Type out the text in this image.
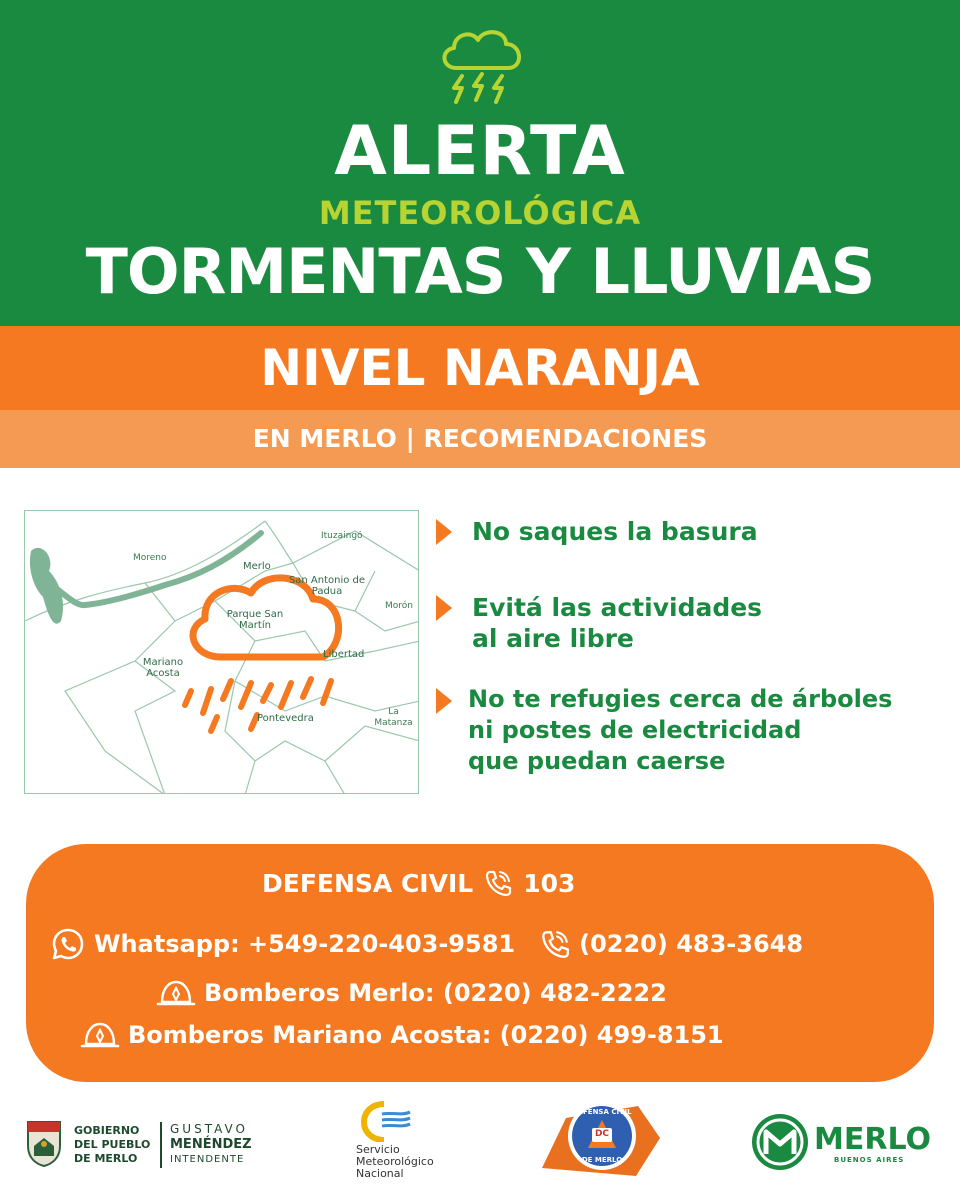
ALERTA
METEOROLÓGICA
TORMENTAS Y LLUVIAS
NIVEL NARANJA
EN MERLO | RECOMENDACIONES
Moreno
Merlo
Ituzaingó
San Antonio de Padua
Morón
Parque San Martín
Mariano Acosta
Libertad
Pontevedra
La Matanza
No saques la basura
Evitá las actividades
al aire libre
No te refugies cerca de árboles
ni postes de electricidad
que puedan caerse
DEFENSA CIVIL 103
Whatsapp: +549-220-403-9581	(0220) 483-3648
Bomberos Merlo: (0220) 482-2222
Bomberos Mariano Acosta: (0220) 499-8151
GOBIERNO
DEL PUEBLO
DE MERLO
GUSTAVO
MENÉNDEZ
INTENDENTE
Servicio
Meteorológico
Nacional
DEFENSA CIVIL
DC
DE MERLO
MERLO
BUENOS AIRES
